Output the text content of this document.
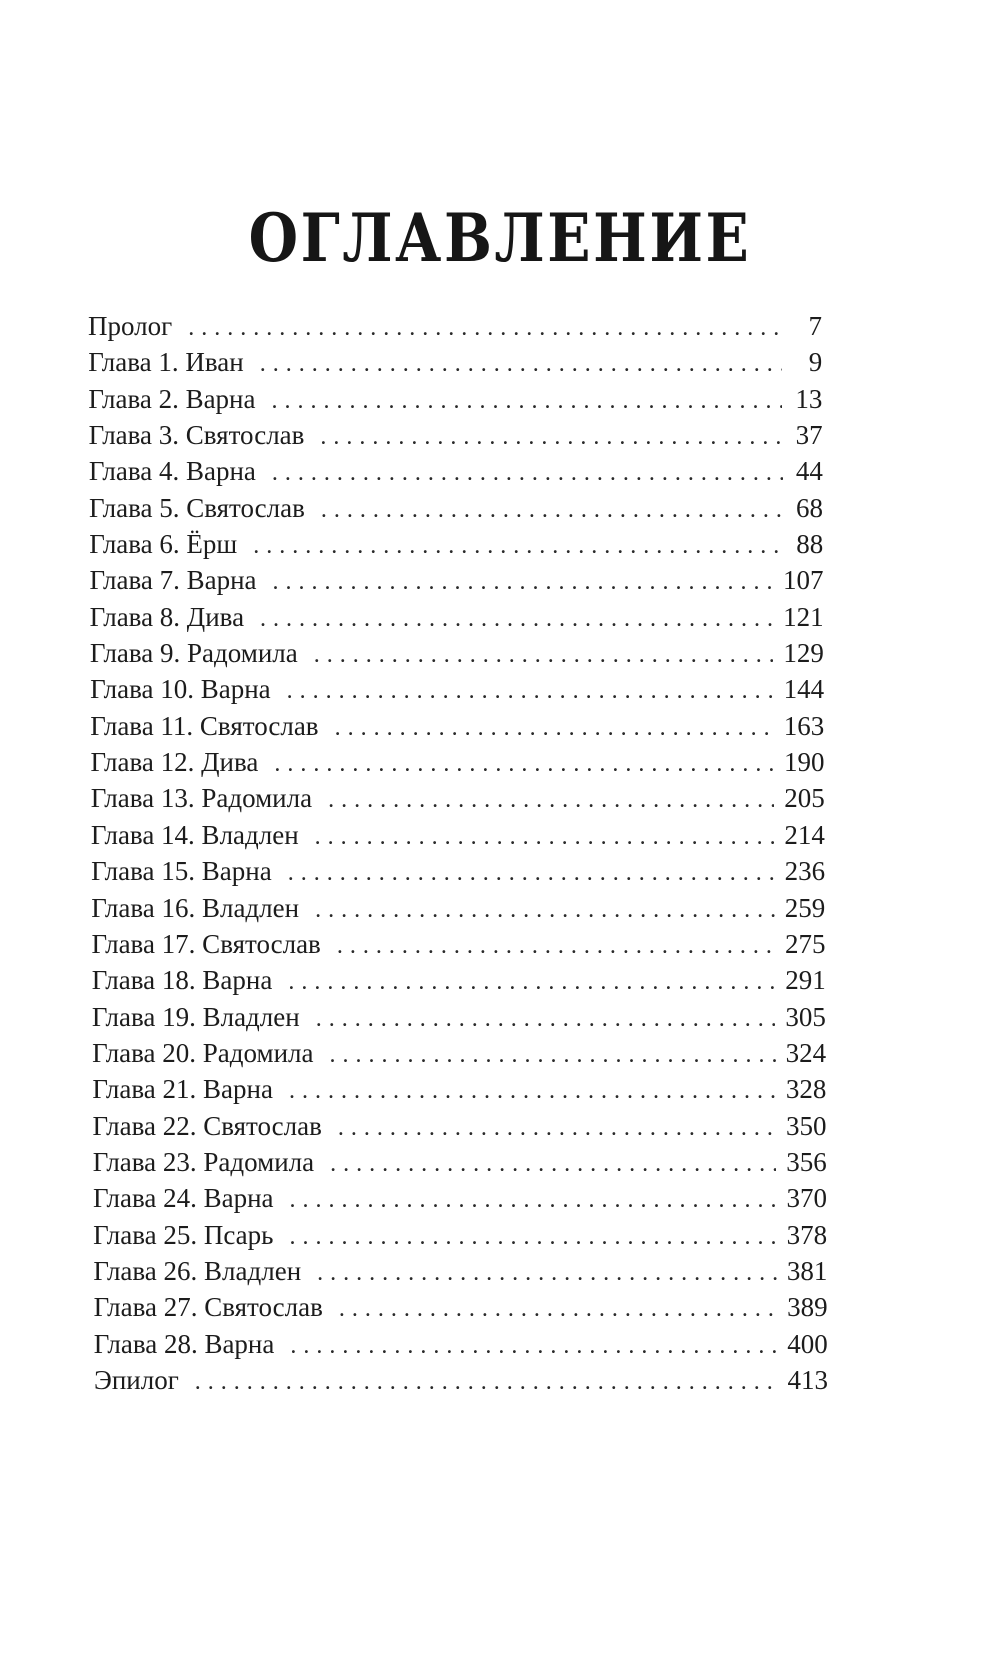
ОГЛАВЛЕНИЕ
Пролог . . .	7
Глава 1. Иван . . .	9
Глава 2. Варна . . .	13
Глава 3. Святослав . . .	37
Глава 4. Варна . . .	44
Глава 5. Святослав . . .	68
Глава 6. Ёрш . . .	88
Глава 7. Варна . . .	107
Глава 8. Дива . . .	121
Глава 9. Радомила . . .	129
Глава 10. Варна . . .	144
Глава 11. Святослав . . .	163
Глава 12. Дива . . .	190
Глава 13. Радомила . . .	205
Глава 14. Владлен . . .	214
Глава 15. Варна . . .	236
Глава 16. Владлен . . .	259
Глава 17. Святослав . . .	275
Глава 18. Варна . . .	291
Глава 19. Владлен . . .	305
Глава 20. Радомила . . .	324
Глава 21. Варна . . .	328
Глава 22. Святослав . . .	350
Глава 23. Радомила . . .	356
Глава 24. Варна . . .	370
Глава 25. Псарь . . .	378
Глава 26. Владлен . . .	381
Глава 27. Святослав . . .	389
Глава 28. Варна . . .	400
Эпилог . . .	413
